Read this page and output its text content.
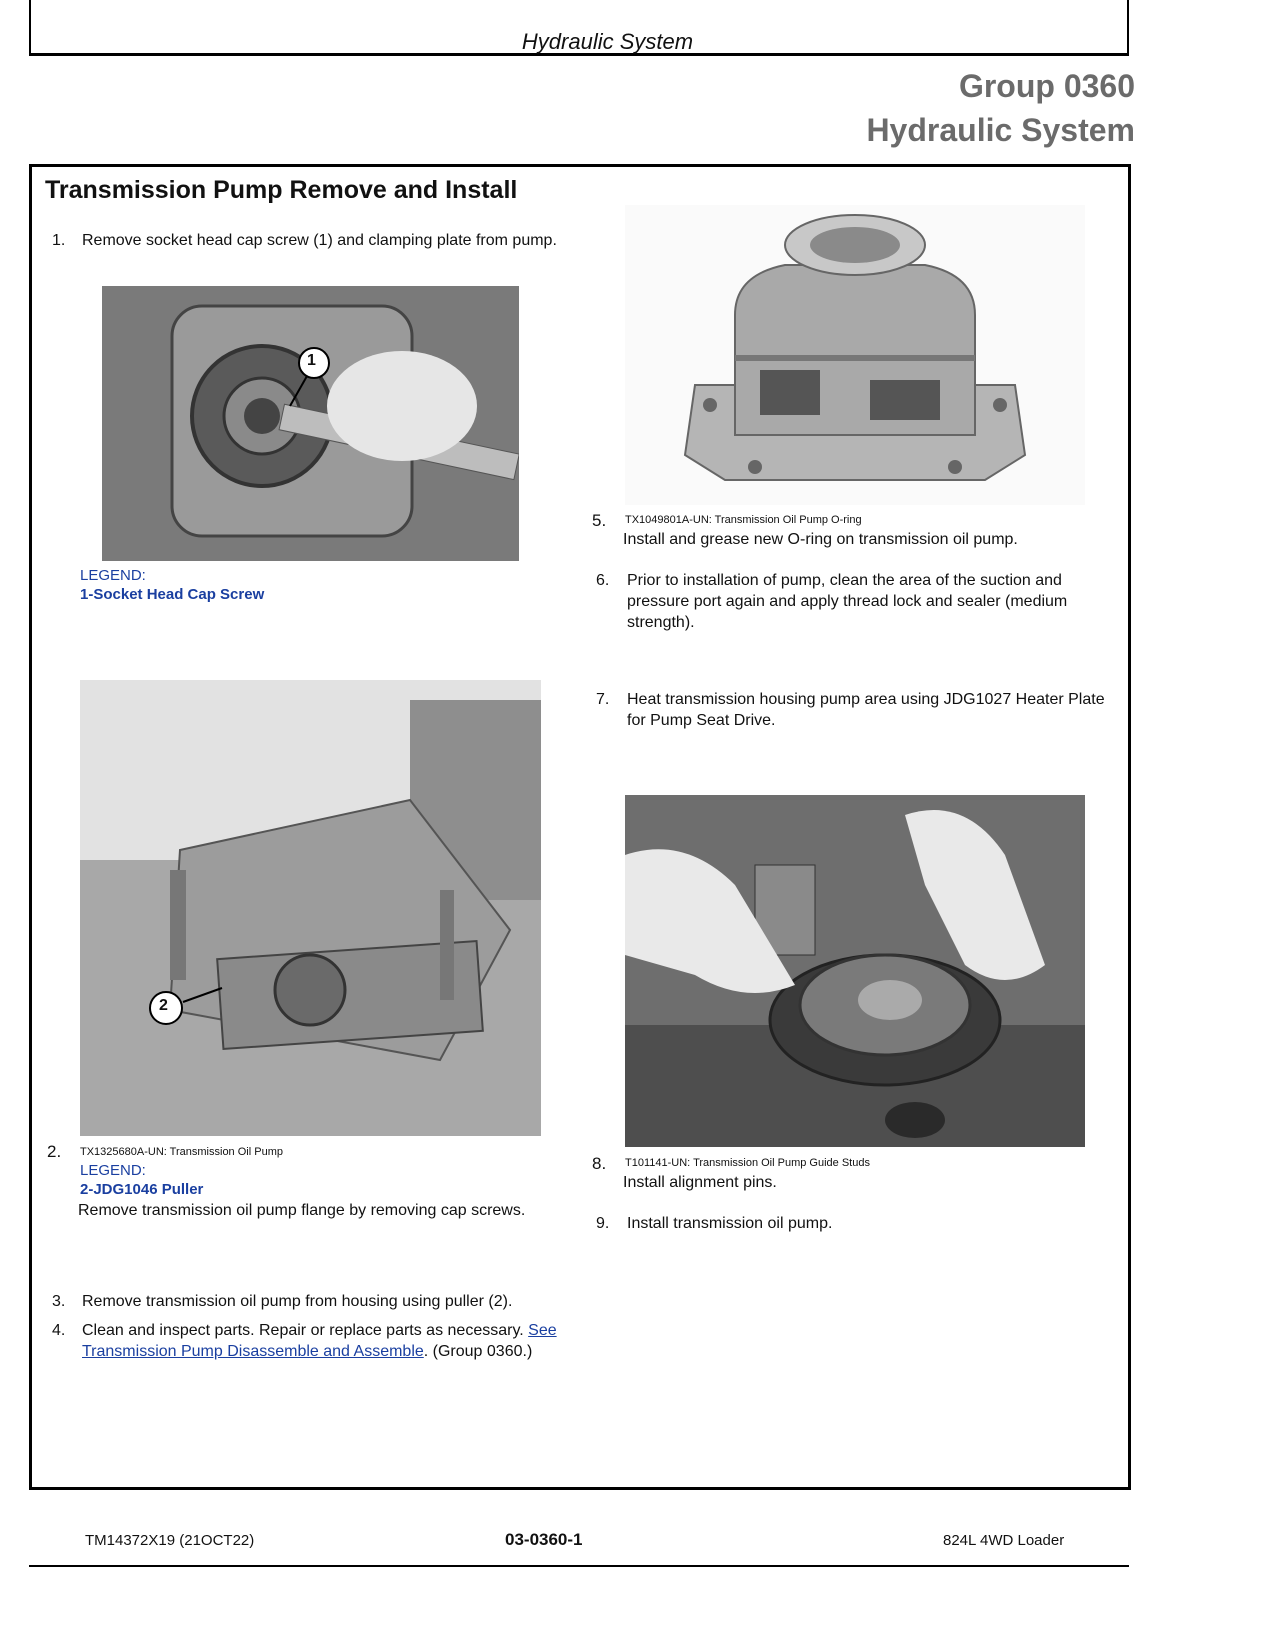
Hydraulic System
Group 0360
Hydraulic System
Transmission Pump Remove and Install
1. Remove socket head cap screw (1) and clamping plate from pump.
1
LEGEND:
1-Socket Head Cap Screw
2
2. TX1325680A-UN: Transmission Oil Pump
LEGEND:
2-JDG1046 Puller
Remove transmission oil pump flange by removing cap screws.
3. Remove transmission oil pump from housing using puller (2).
4. Clean and inspect parts. Repair or replace parts as necessary. See Transmission Pump Disassemble and Assemble. (Group 0360.)
5. TX1049801A-UN: Transmission Oil Pump O-ring
Install and grease new O-ring on transmission oil pump.
6. Prior to installation of pump, clean the area of the suction and pressure port again and apply thread lock and sealer (medium strength).
7. Heat transmission housing pump area using JDG1027 Heater Plate for Pump Seat Drive.
8. T101141-UN: Transmission Oil Pump Guide Studs
Install alignment pins.
9. Install transmission oil pump.
TM14372X19 (21OCT22)	03-0360-1	824L 4WD Loader
